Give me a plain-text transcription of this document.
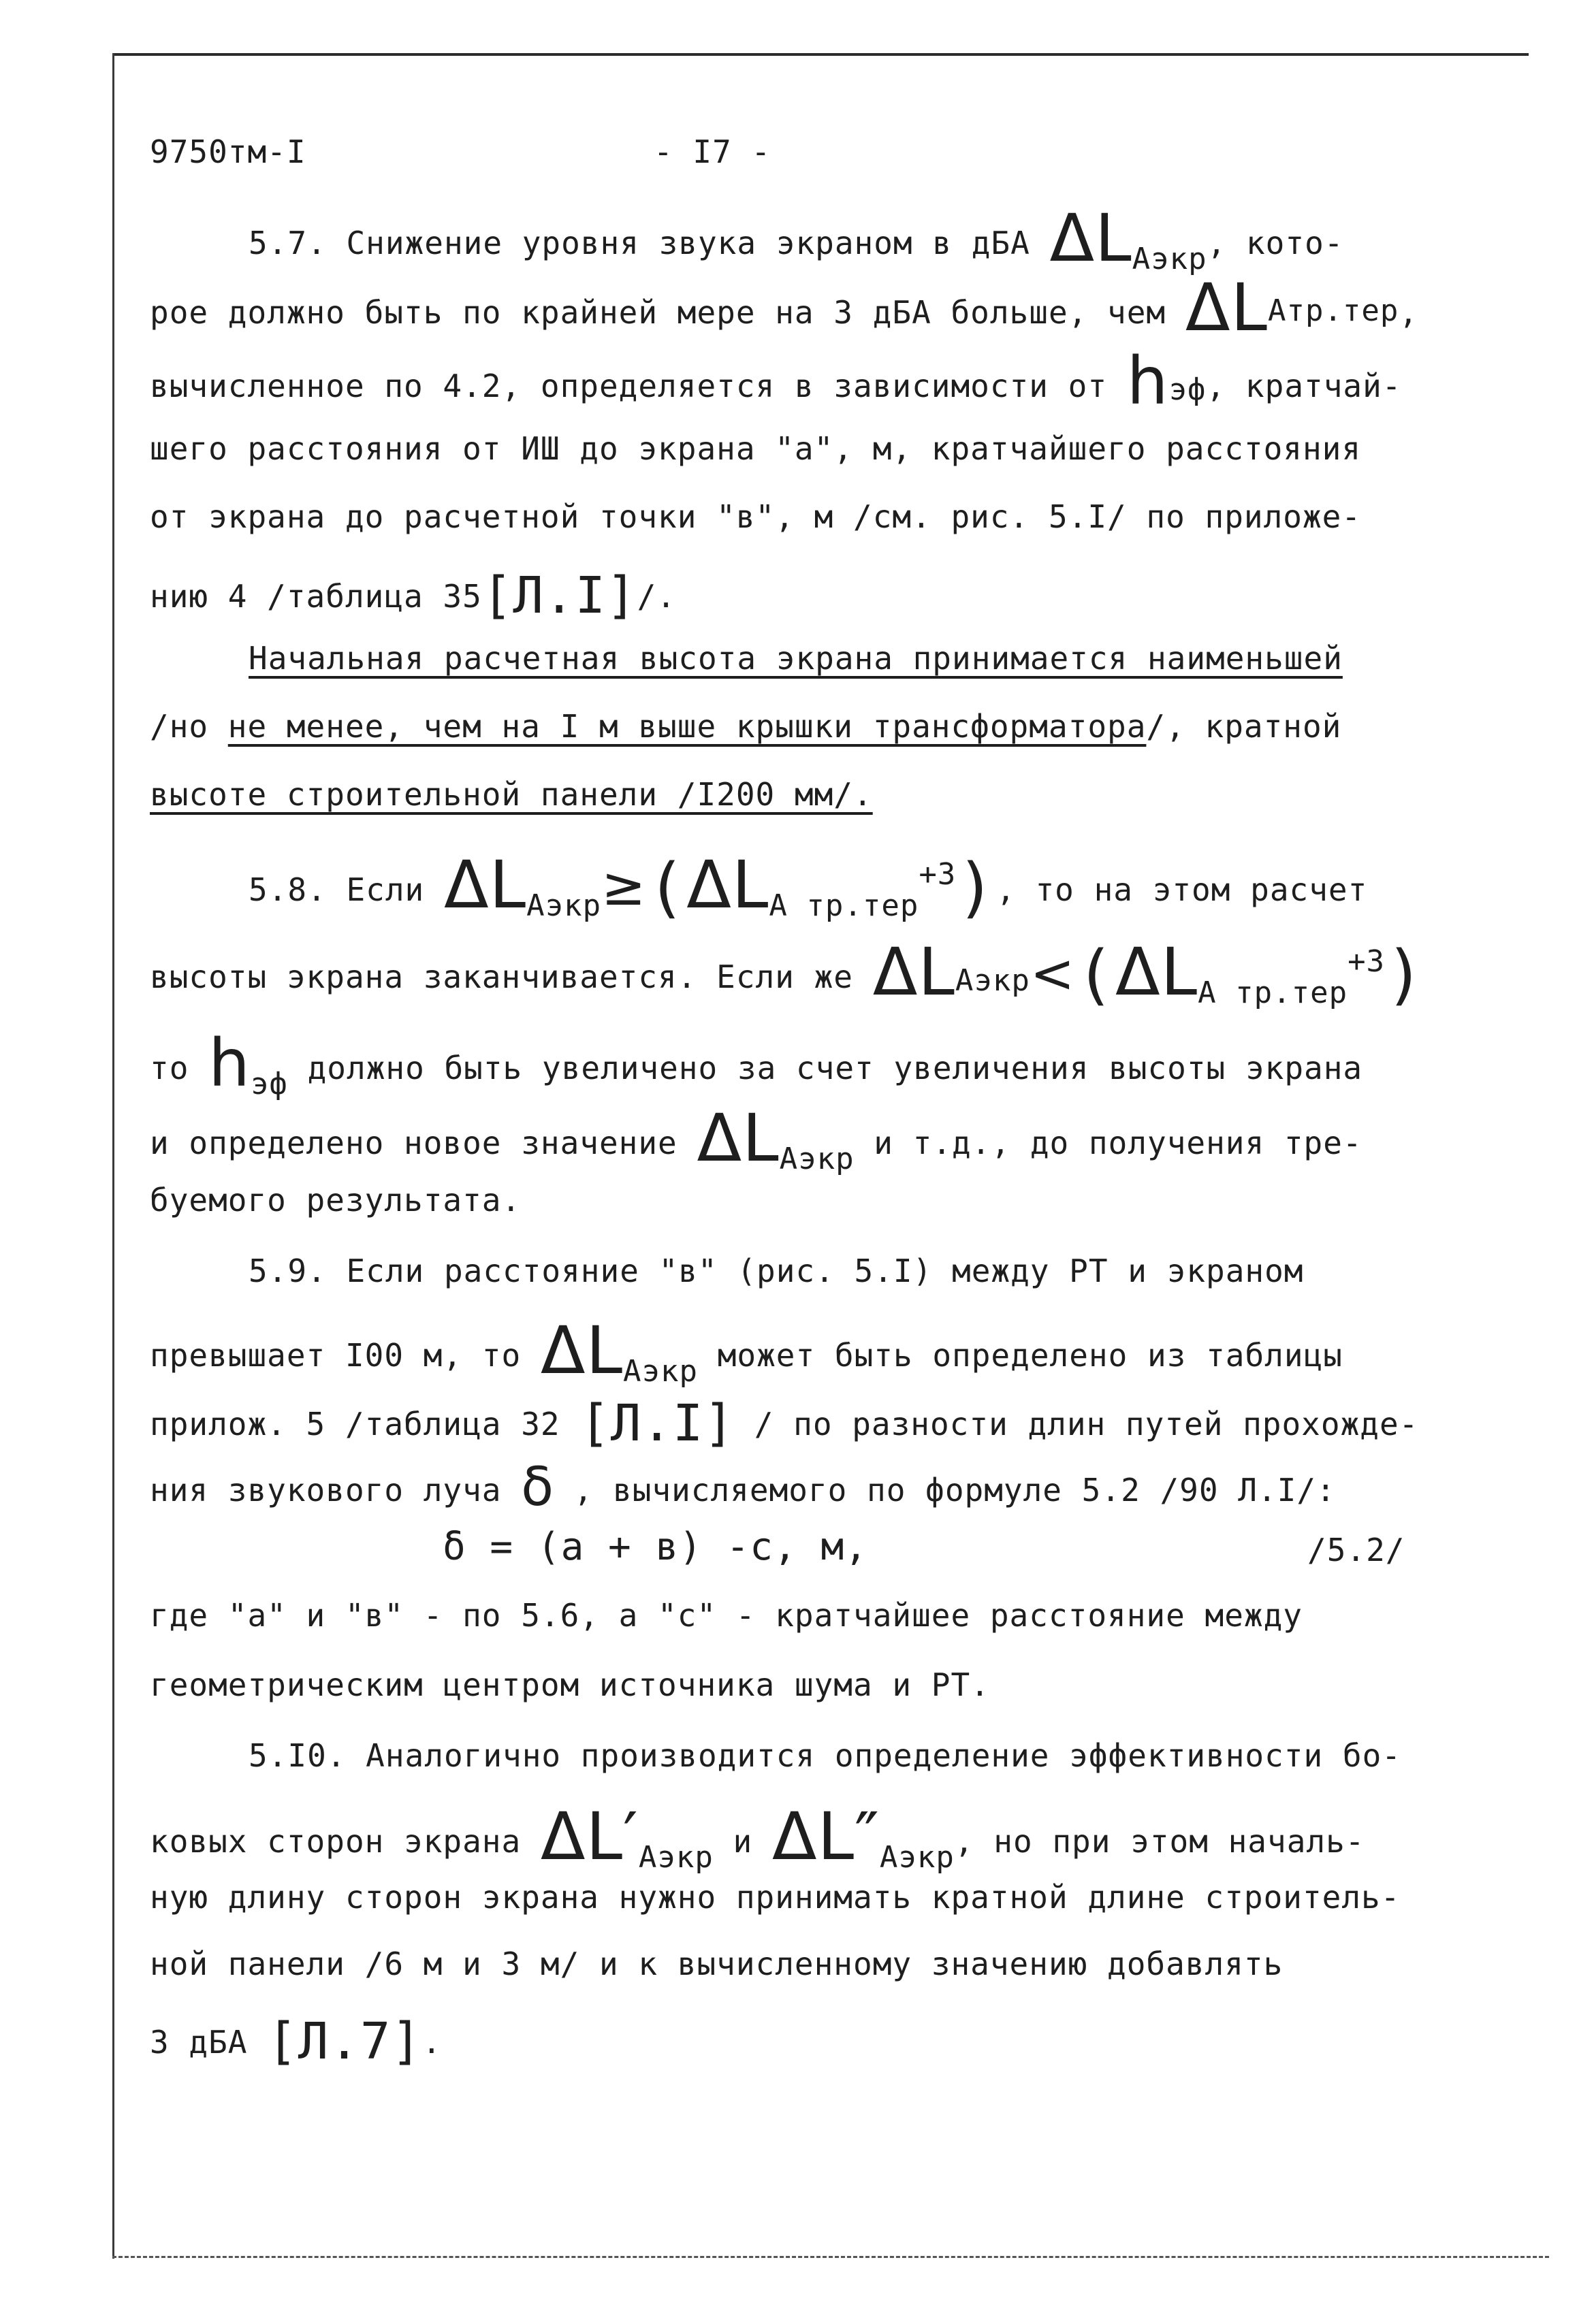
9750тм-I	- I7 -
5.7. Снижение уровня звука экраном в дБА ΔLАэкр, кото-
рое должно быть по крайней мере на 3 дБА больше, чем ΔLАтр.тер,
вычисленное по 4.2, определяется в зависимости от hэф, кратчай-
шего расстояния от ИШ до экрана "а", м, кратчайшего расстояния
от экрана до расчетной точки "в", м /см. рис. 5.I/ по приложе-
нию 4 /таблица 35[Л.I]/.
Начальная расчетная высота экрана принимается наименьшей
/но не менее, чем на I м выше крышки трансформатора/, кратной
высоте строительной панели /I200 мм/.
5.8. Если ΔLАэкр≥(ΔLА тр.тер+3), то на этом расчет
высоты экрана заканчивается. Если же ΔLАэкр<(ΔLА тр.тер+3)
то hэф должно быть увеличено за счет увеличения высоты экрана
и определено новое значение ΔLАэкр и т.д., до получения тре-
буемого результата.
5.9. Если расстояние "в" (рис. 5.I) между РТ и экраном
превышает I00 м, то ΔLАэкр может быть определено из таблицы
прилож. 5 /таблица 32 [Л.I] / по разности длин путей прохожде-
ния звукового луча δ , вычисляемого по формуле 5.2 /90 Л.I/:
δ = (а + в) -с, м,	/5.2/
где "а" и "в" - по 5.6, а "с" - кратчайшее расстояние между
геометрическим центром источника шума и РТ.
5.I0. Аналогично производится определение эффективности бо-
ковых сторон экрана ΔL′Аэкр и ΔL″Аэкр, но при этом началь-
ную длину сторон экрана нужно принимать кратной длине строитель-
ной панели /6 м и 3 м/ и к вычисленному значению добавлять
3 дБА [Л.7].
